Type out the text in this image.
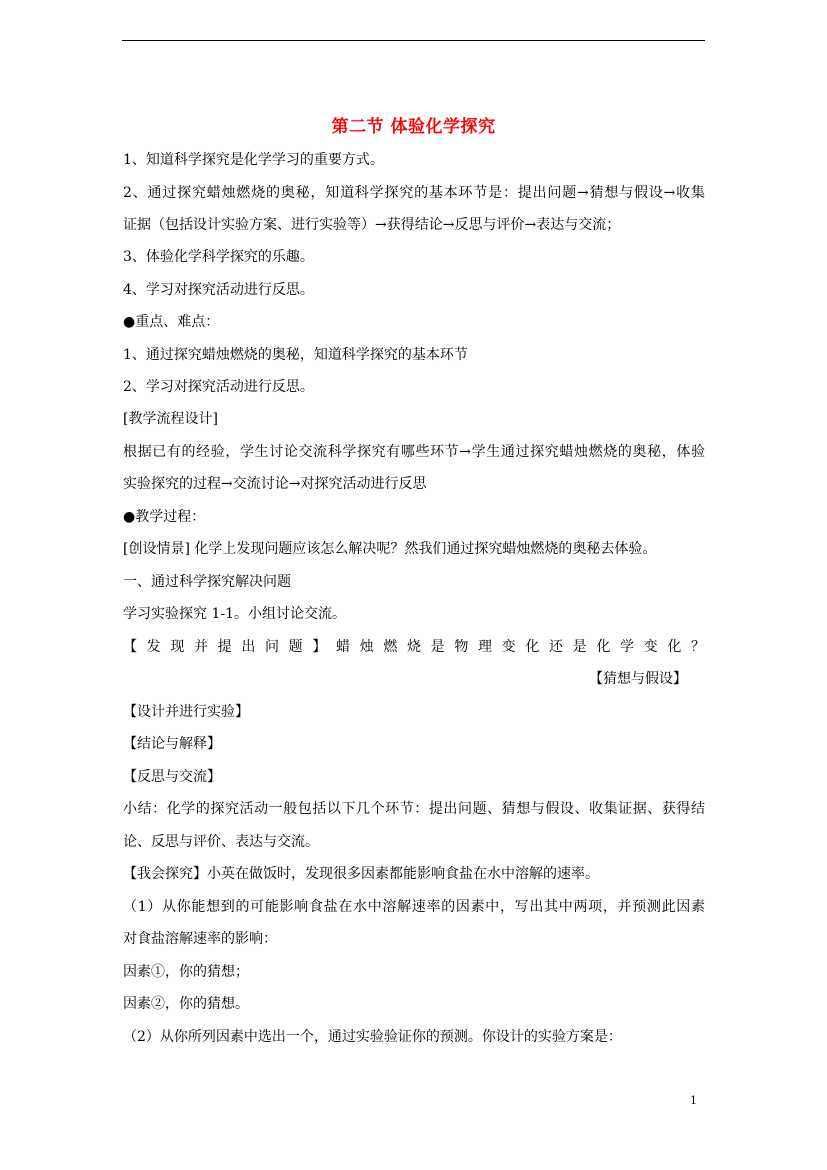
第二节 体验化学探究
1、知道科学探究是化学学习的重要方式。
2、通过探究蜡烛燃烧的奥秘，知道科学探究的基本环节是：提出问题→猜想与假设→收集
证据（包括设计实验方案、进行实验等）→获得结论→反思与评价→表达与交流；
3、体验化学科学探究的乐趣。
4、学习对探究活动进行反思。
●重点、难点：
1、通过探究蜡烛燃烧的奥秘，知道科学探究的基本环节
2、学习对探究活动进行反思。
[教学流程设计]
根据已有的经验，学生讨论交流科学探究有哪些环节→学生通过探究蜡烛燃烧的奥秘，体验
实验探究的过程→交流讨论→对探究活动进行反思
●教学过程：
[创设情景] 化学上发现问题应该怎么解决呢？然我们通过探究蜡烛燃烧的奥秘去体验。
一、通过科学探究解决问题
学习实验探究 1-1。小组讨论交流。
【发现并提出问题】蜡烛燃烧是物理变化还是化学变化？
【猜想与假设】
【设计并进行实验】
【结论与解释】
【反思与交流】
小结：化学的探究活动一般包括以下几个环节：提出问题、猜想与假设、收集证据、获得结
论、反思与评价、表达与交流。
【我会探究】小英在做饭时，发现很多因素都能影响食盐在水中溶解的速率。
（1）从你能想到的可能影响食盐在水中溶解速率的因素中，写出其中两项，并预测此因素
对食盐溶解速率的影响：
因素①，你的猜想；
因素②，你的猜想。
（2）从你所列因素中选出一个，通过实验验证你的预测。你设计的实验方案是：
1
